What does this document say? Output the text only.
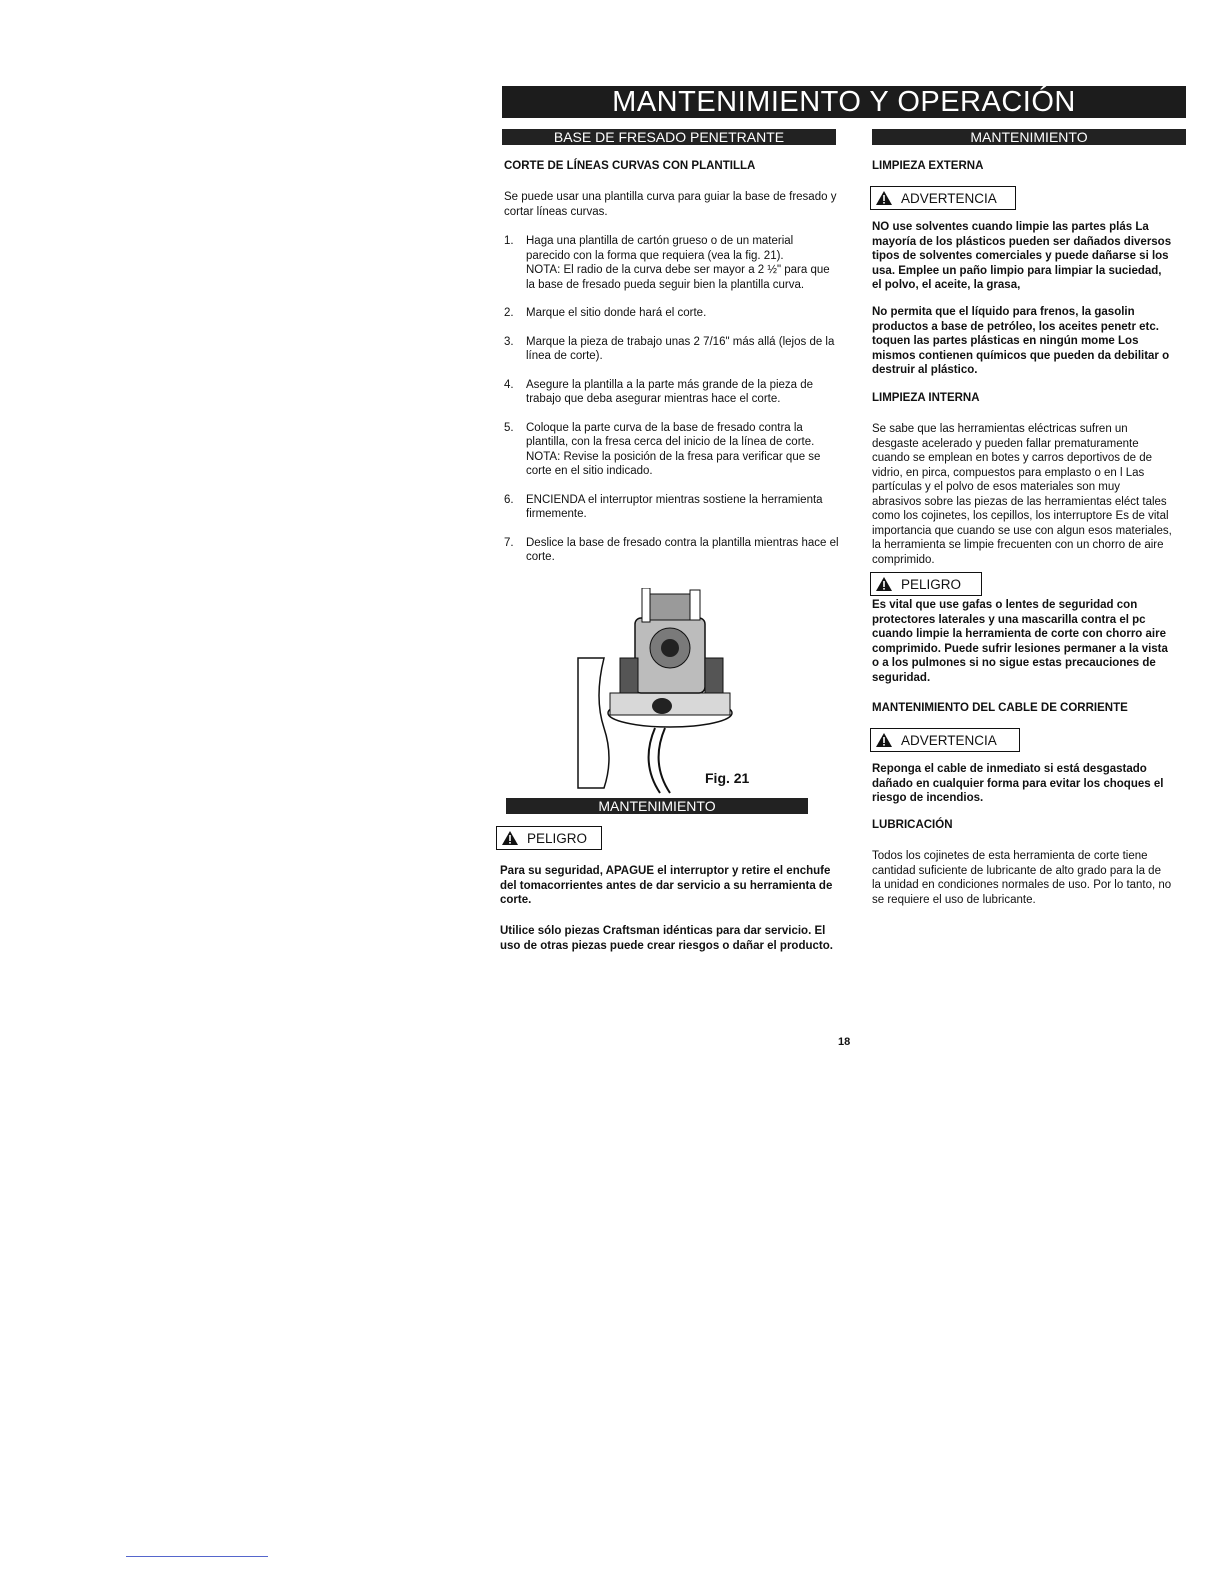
MANTENIMIENTO Y OPERACIÓN
BASE DE FRESADO PENETRANTE
CORTE DE LÍNEAS CURVAS CON PLANTILLA
Se puede usar una plantilla curva para guiar la base de fresado y cortar líneas curvas.
1. Haga una plantilla de cartón grueso o de un material parecido con la forma que requiera (vea la fig. 21).
NOTA: El radio de la curva debe ser mayor a 2 ½" para que la base de fresado pueda seguir bien la plantilla curva.
2. Marque el sitio donde hará el corte.
3. Marque la pieza de trabajo unas 2 7/16" más allá (lejos de la línea de corte).
4. Asegure la plantilla a la parte más grande de la pieza de trabajo que deba asegurar mientras hace el corte.
5. Coloque la parte curva de la base de fresado contra la plantilla, con la fresa cerca del inicio de la línea de corte.
NOTA: Revise la posición de la fresa para verificar que se corte en el sitio indicado.
6. ENCIENDA el interruptor mientras sostiene la herramienta firmemente.
7. Deslice la base de fresado contra la plantilla mientras hace el corte.
Fig. 21
MANTENIMIENTO
PELIGRO
Para su seguridad, APAGUE el interruptor y retire el enchufe del tomacorrientes antes de dar servicio a su herramienta de corte.
Utilice sólo piezas Craftsman idénticas para dar servicio. El uso de otras piezas puede crear riesgos o dañar el producto.
MANTENIMIENTO
LIMPIEZA EXTERNA
ADVERTENCIA
NO use solventes cuando limpie las partes plás La mayoría de los plásticos pueden ser dañados diversos tipos de solventes comerciales y puede dañarse si los usa. Emplee un paño limpio para limpiar la suciedad, el polvo, el aceite, la grasa,
No permita que el líquido para frenos, la gasolin productos a base de petróleo, los aceites penetr etc. toquen las partes plásticas en ningún mome Los mismos contienen químicos que pueden da debilitar o destruir al plástico.
LIMPIEZA INTERNA
Se sabe que las herramientas eléctricas sufren un desgaste acelerado y pueden fallar prematuramente cuando se emplean en botes y carros deportivos de de vidrio, en pirca, compuestos para emplasto o en l Las partículas y el polvo de esos materiales son muy abrasivos sobre las piezas de las herramientas eléct tales como los cojinetes, los cepillos, los interruptore Es de vital importancia que cuando se use con algun esos materiales, la herramienta se limpie frecuenten con un chorro de aire comprimido.
PELIGRO
Es vital que use gafas o lentes de seguridad con protectores laterales y una mascarilla contra el pc cuando limpie la herramienta de corte con chorro aire comprimido. Puede sufrir lesiones permaner a la vista o a los pulmones si no sigue estas precauciones de seguridad.
MANTENIMIENTO DEL CABLE DE CORRIENTE
ADVERTENCIA
Reponga el cable de inmediato si está desgastado dañado en cualquier forma para evitar los choques el riesgo de incendios.
LUBRICACIÓN
Todos los cojinetes de esta herramienta de corte tiene cantidad suficiente de lubricante de alto grado para la de la unidad en condiciones normales de uso. Por lo tanto, no se requiere el uso de lubricante.
18
